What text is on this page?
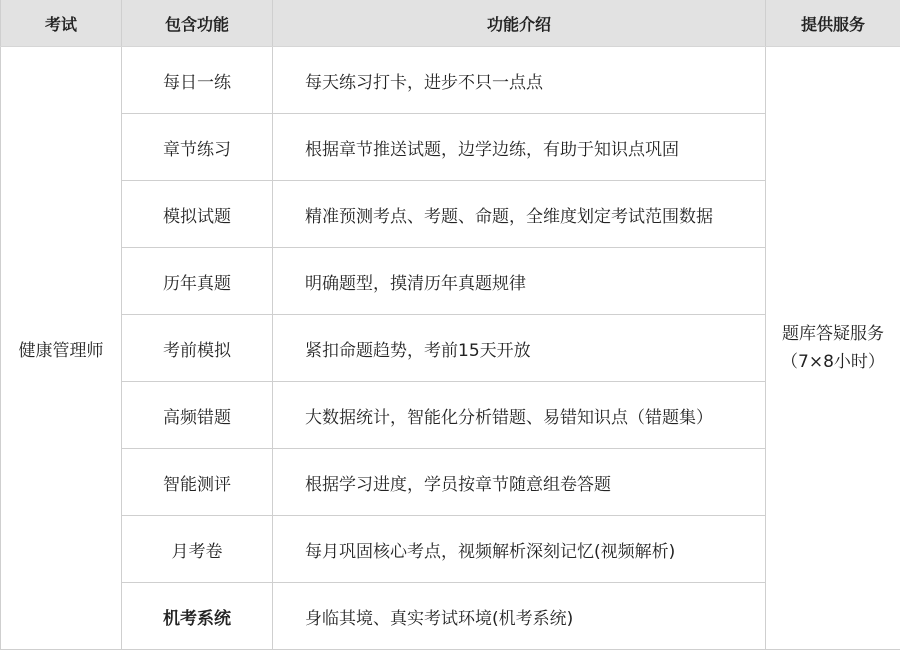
考试	包含功能	功能介绍	提供服务
健康管理师	每日一练	每天练习打卡，进步不只一点点	题库答疑服务
（7×8小时）

	章节练习	根据章节推送试题，边学边练，有助于知识点巩固	
	模拟试题	精准预测考点、考题、命题，全维度划定考试范围数据	
	历年真题	明确题型，摸清历年真题规律	
	考前模拟	紧扣命题趋势，考前15天开放	
	高频错题	大数据统计，智能化分析错题、易错知识点（错题集）	
	智能测评	根据学习进度，学员按章节随意组卷答题	
	月考卷	每月巩固核心考点，视频解析深刻记忆(视频解析)	
	机考系统	身临其境、真实考试环境(机考系统)	
